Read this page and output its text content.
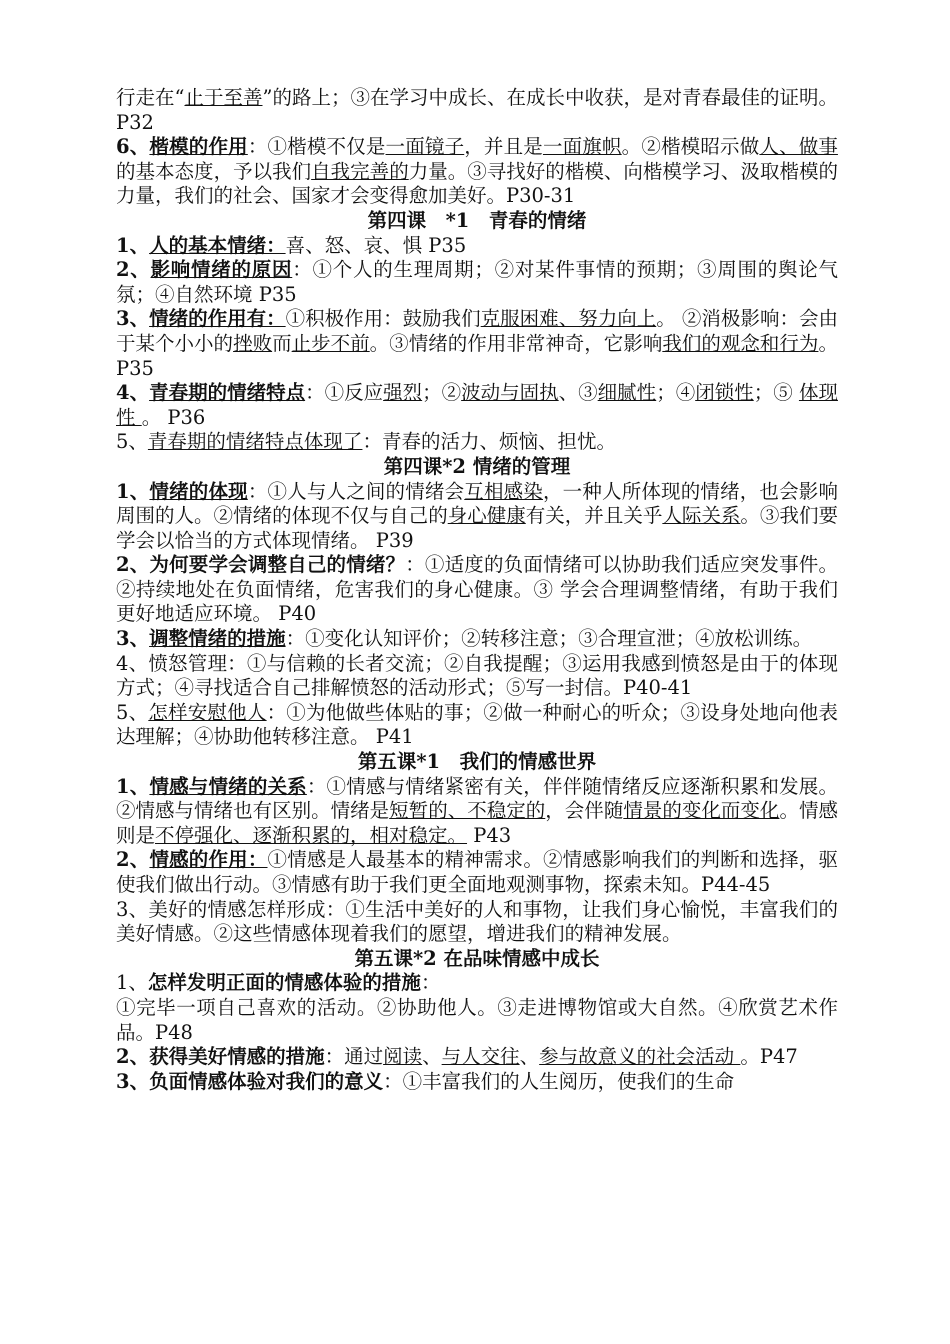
行走在“止于至善”的路上；③在学习中成长、在成长中收获，是对青春最佳的证明。 P32
6、楷模的作用：①楷模不仅是一面镜子，并且是一面旗帜。②楷模昭示做人、做事的基本态度，予以我们自我完善的力量。③寻找好的楷模、向楷模学习、汲取楷模的力量，我们的社会、国家才会变得愈加美好。P30-31
第四课　*1　青春的情绪
1、人的基本情绪：喜、怒、哀、惧 P35
2、影响情绪的原因：①个人的生理周期；②对某件事情的预期；③周围的舆论气氛；④自然环境 P35
3、情绪的作用有：①积极作用：鼓励我们克服困难、努力向上。 ②消极影响：会由于某个小小的挫败而止步不前。③情绪的作用非常神奇，它影响我们的观念和行为。 P35
4、青春期的情绪特点：①反应强烈；②波动与固执、③细腻性；④闭锁性；⑤ 体现性 。 P36
5、青春期的情绪特点体现了：青春的活力、烦恼、担忧。
第四课*2 情绪的管理
1、情绪的体现：①人与人之间的情绪会互相感染，一种人所体现的情绪，也会影响周围的人。②情绪的体现不仅与自己的身心健康有关，并且关乎人际关系。③我们要学会以恰当的方式体现情绪。 P39
2、为何要学会调整自己的情绪？：①适度的负面情绪可以协助我们适应突发事件。②持续地处在负面情绪，危害我们的身心健康。③ 学会合理调整情绪，有助于我们更好地适应环境。 P40
3、调整情绪的措施：①变化认知评价；②转移注意；③合理宣泄；④放松训练。
4、愤怒管理：①与信赖的长者交流；②自我提醒；③运用我感到愤怒是由于的体现方式；④寻找适合自己排解愤怒的活动形式；⑤写一封信。P40-41
5、怎样安慰他人：①为他做些体贴的事；②做一种耐心的听众；③设身处地向他表达理解；④协助他转移注意。 P41
第五课*1　我们的情感世界
1、情感与情绪的关系：①情感与情绪紧密有关，伴伴随情绪反应逐渐积累和发展。②情感与情绪也有区别。情绪是短暂的、不稳定的，会伴随情景的变化而变化。情感则是不停强化、逐渐积累的，相对稳定。 P43
2、情感的作用：①情感是人最基本的精神需求。②情感影响我们的判断和选择，驱使我们做出行动。③情感有助于我们更全面地观测事物，探索未知。P44-45
3、美好的情感怎样形成：①生活中美好的人和事物，让我们身心愉悦，丰富我们的美好情感。②这些情感体现着我们的愿望，增进我们的精神发展。
第五课*2 在品味情感中成长
1、怎样发明正面的情感体验的措施：
①完毕一项自己喜欢的活动。②协助他人。③走进博物馆或大自然。④欣赏艺术作品。P48
2、获得美好情感的措施：通过阅读、与人交往、参与故意义的社会活动 。P47
3、负面情感体验对我们的意义：①丰富我们的人生阅历，使我们的生命
